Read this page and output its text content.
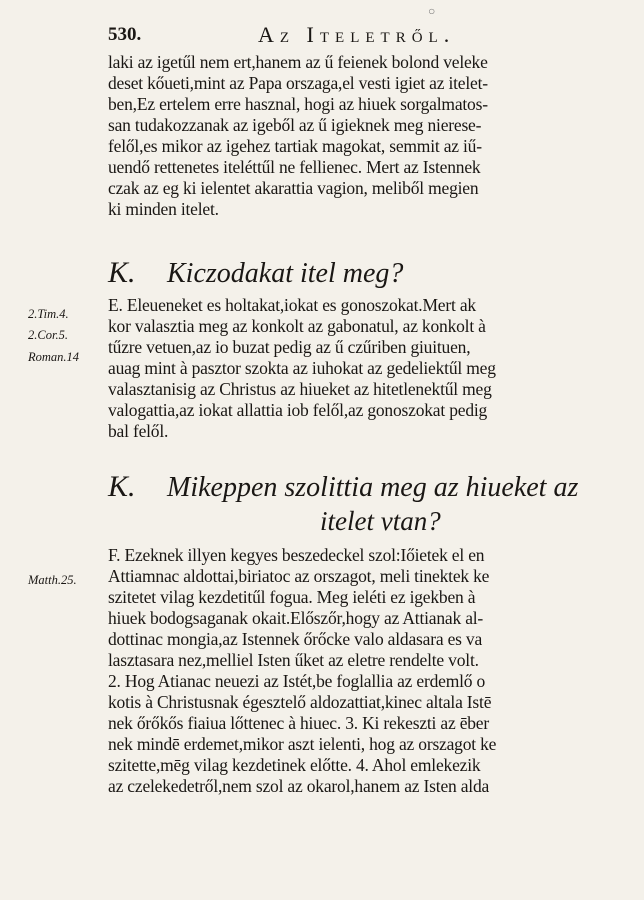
530.	Az Iteletről.
○
laki az igetűl nem ert,hanem az ű feienek bolond veleke
deset kőueti,mint az Papa orszaga,el vesti igiet az itelet-
ben,Ez ertelem erre hasznal, hogi az hiuek sorgalmatos-
san tudakozzanak az igeből az ű igieknek meg nierese-
felől,es mikor az igehez tartiak magokat, semmit az iű-
uendő rettenetes iteléttűl ne fellienec. Mert az Istennek
czak az eg ki ielentet akarattia vagion, meliből megien
ki minden itelet.
K. Kiczodakat itel meg?
2.Tim.4.
2.Cor.5.
Roman.14
E. Eleueneket es holtakat,iokat es gonoszokat.Mert ak
kor valasztia meg az konkolt az gabonatul, az konkolt à
tűzre vetuen,az io buzat pedig az ű czűriben giuituen,
auag mint à pasztor szokta az iuhokat az gedeliektűl meg
valasztanisig az Christus az hiueket az hitetlenektűl meg
valogattia,az iokat allattia iob felől,az gonoszokat pedig
bal felől.
K. Mikeppen szolittia meg az hiueket az
itelet vtan?
Matth.25.
F. Ezeknek illyen kegyes beszedeckel szol:Iőietek el en
Attiamnac aldottai,biriatoc az orszagot, meli tinektek ke
szitetet vilag kezdetitűl fogua. Meg ieléti ez igekben à
hiuek bodogsaganak okait.Előszőr,hogy az Attianak al-
dottinac mongia,az Istennek őrőcke valo aldasara es va
lasztasara nez,melliel Isten űket az eletre rendelte volt.
2. Hog Atianac neuezi az Istét,be foglallia az erdemlő o
kotis à Christusnak égesztelő aldozattiat,kinec altala Istē
nek őrőkős fiaiua lőttenec à hiuec. 3. Ki rekeszti az ēber
nek mindē erdemet,mikor aszt ielenti, hog az orszagot ke
szitette,mēg vilag kezdetinek előtte. 4. Ahol emlekezik
az czelekedetről,nem szol az okarol,hanem az Isten alda
